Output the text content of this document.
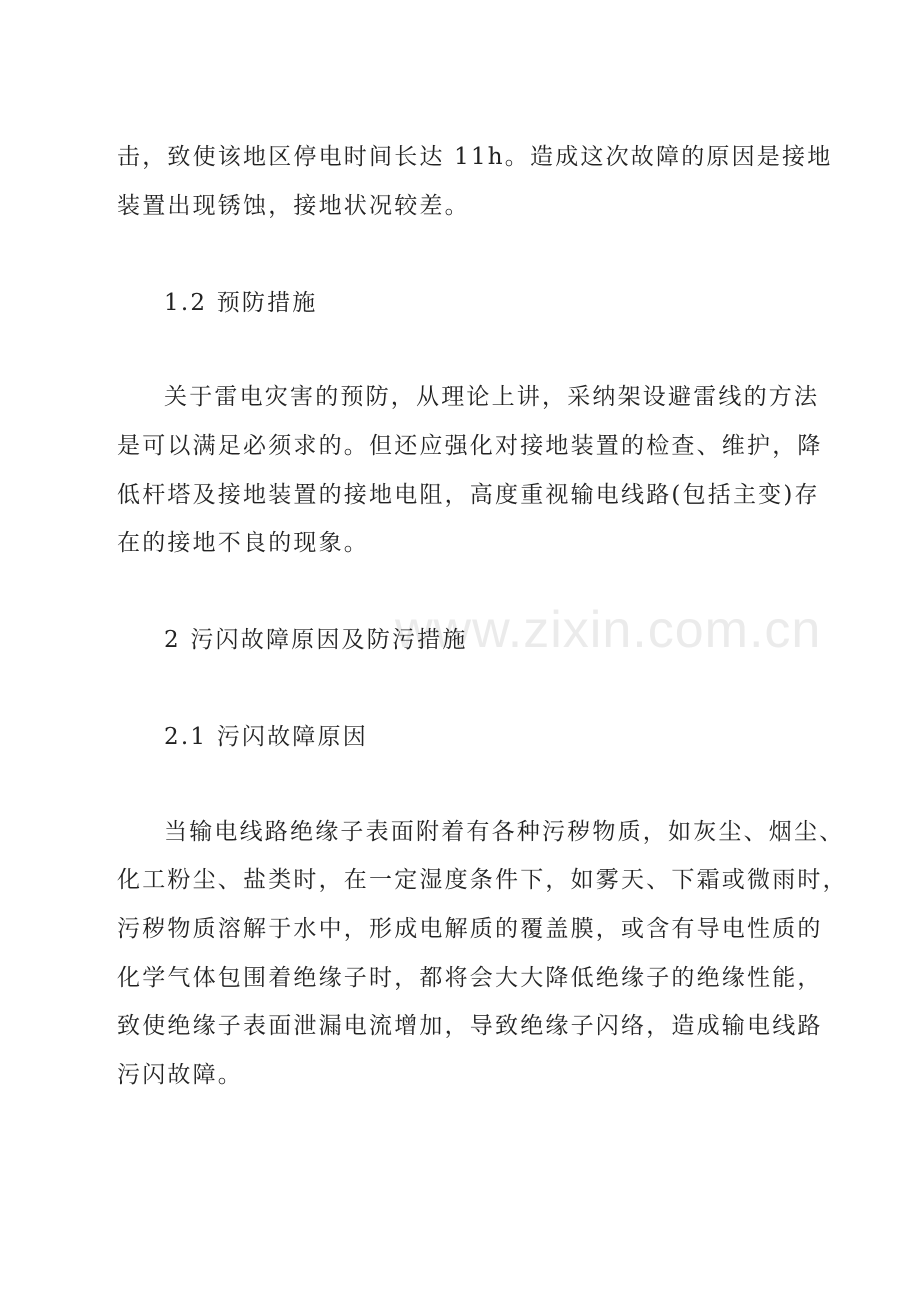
www.zixin.com.cn
击，致使该地区停电时间长达 11h。造成这次故障的原因是接地
装置出现锈蚀，接地状况较差。
1.2 预防措施
关于雷电灾害的预防，从理论上讲，采纳架设避雷线的方法
是可以满足必须求的。但还应强化对接地装置的检查、维护，降
低杆塔及接地装置的接地电阻，高度重视输电线路(包括主变)存
在的接地不良的现象。
2 污闪故障原因及防污措施
2.1 污闪故障原因
当输电线路绝缘子表面附着有各种污秽物质，如灰尘、烟尘、
化工粉尘、盐类时，在一定湿度条件下，如雾天、下霜或微雨时，
污秽物质溶解于水中，形成电解质的覆盖膜，或含有导电性质的
化学气体包围着绝缘子时，都将会大大降低绝缘子的绝缘性能，
致使绝缘子表面泄漏电流增加，导致绝缘子闪络，造成输电线路
污闪故障。
